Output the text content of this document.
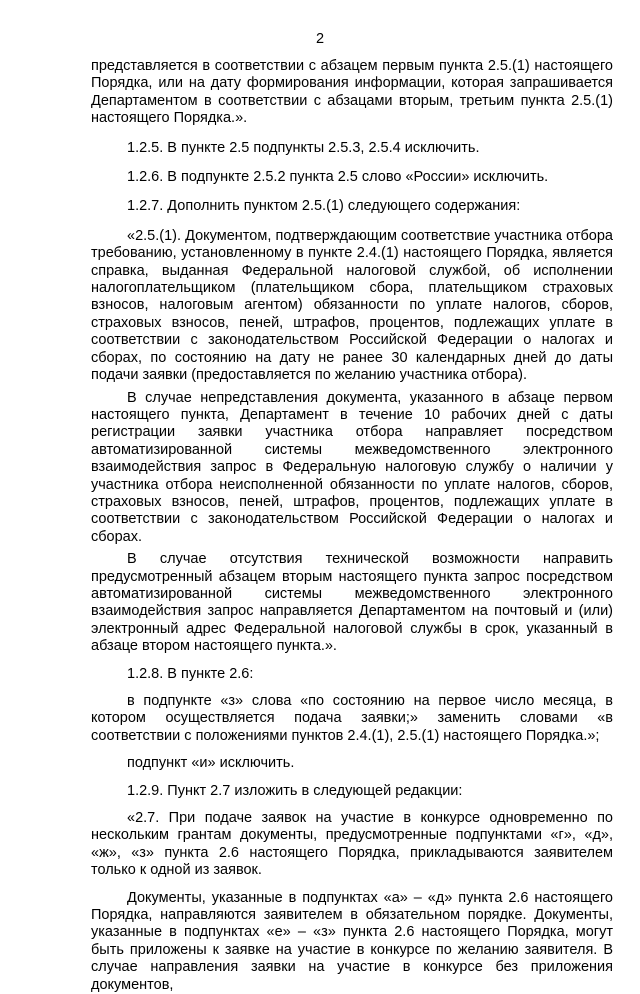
2

представляется в соответствии с абзацем первым пункта 2.5.(1) настоящего Порядка, или на дату формирования информации, которая запрашивается Департаментом в соответствии с абзацами вторым, третьим пункта 2.5.(1) настоящего Порядка.».

1.2.5. В пункте 2.5 подпункты 2.5.3, 2.5.4 исключить.

1.2.6. В подпункте 2.5.2 пункта 2.5 слово «России» исключить.

1.2.7. Дополнить пунктом 2.5.(1) следующего содержания:

«2.5.(1). Документом, подтверждающим соответствие участника отбора требованию, установленному в пункте 2.4.(1) настоящего Порядка, является справка, выданная Федеральной налоговой службой, об исполнении налогоплательщиком (плательщиком сбора, плательщиком страховых взносов, налоговым агентом) обязанности по уплате налогов, сборов, страховых взносов, пеней, штрафов, процентов, подлежащих уплате в соответствии с законодательством Российской Федерации о налогах и сборах, по состоянию на дату не ранее 30 календарных дней до даты подачи заявки (предоставляется по желанию участника отбора).

В случае непредставления документа, указанного в абзаце первом настоящего пункта, Департамент в течение 10 рабочих дней с даты регистрации заявки участника отбора направляет посредством автоматизированной системы межведомственного электронного взаимодействия запрос в Федеральную налоговую службу о наличии у участника отбора неисполненной обязанности по уплате налогов, сборов, страховых взносов, пеней, штрафов, процентов, подлежащих уплате в соответствии с законодательством Российской Федерации о налогах и сборах.

В случае отсутствия технической возможности направить предусмотренный абзацем вторым настоящего пункта запрос посредством автоматизированной системы межведомственного электронного взаимодействия запрос направляется Департаментом на почтовый и (или) электронный адрес Федеральной налоговой службы в срок, указанный в абзаце втором настоящего пункта.».

1.2.8. В пункте 2.6:

в подпункте «з» слова «по состоянию на первое число месяца, в котором осуществляется подача заявки;» заменить словами «в соответствии с положениями пунктов 2.4.(1), 2.5.(1) настоящего Порядка.»;

подпункт «и» исключить.

1.2.9. Пункт 2.7 изложить в следующей редакции:

«2.7. При подаче заявок на участие в конкурсе одновременно по нескольким грантам документы, предусмотренные подпунктами «г», «д», «ж», «з» пункта 2.6 настоящего Порядка, прикладываются заявителем только к одной из заявок.

Документы, указанные в подпунктах «а» – «д» пункта 2.6 настоящего Порядка, направляются заявителем в обязательном порядке. Документы, указанные в подпунктах «е» – «з» пункта 2.6 настоящего Порядка, могут быть приложены к заявке на участие в конкурсе по желанию заявителя. В случае направления заявки на участие в конкурсе без приложения документов,
